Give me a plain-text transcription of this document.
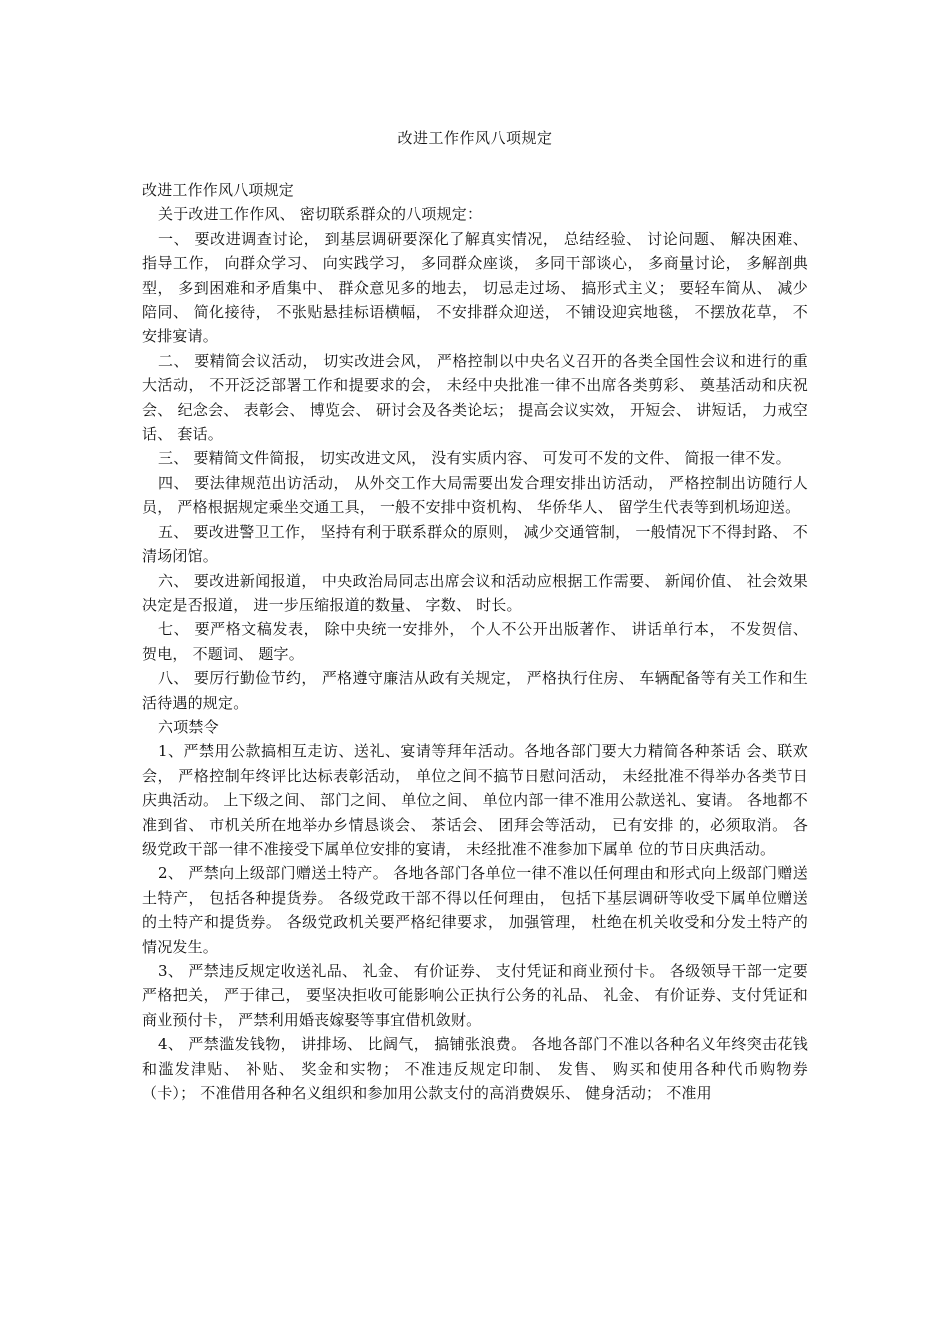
改进工作作风八项规定

改进工作作风八项规定

关于改进工作作风、 密切联系群众的八项规定：

一、 要改进调查讨论， 到基层调研要深化了解真实情况， 总结经验、 讨论问题、 解决困难、 指导工作， 向群众学习、 向实践学习， 多同群众座谈， 多同干部谈心， 多商量讨论， 多解剖典型， 多到困难和矛盾集中、 群众意见多的地去， 切忌走过场、 搞形式主义； 要轻车简从、 减少陪同、 简化接待， 不张贴悬挂标语横幅， 不安排群众迎送， 不铺设迎宾地毯， 不摆放花草， 不安排宴请。

二、 要精简会议活动， 切实改进会风， 严格控制以中央名义召开的各类全国性会议和进行的重大活动， 不开泛泛部署工作和提要求的会， 未经中央批准一律不出席各类剪彩、 奠基活动和庆祝会、 纪念会、 表彰会、 博览会、 研讨会及各类论坛； 提高会议实效， 开短会、 讲短话， 力戒空话、 套话。

三、 要精简文件简报， 切实改进文风， 没有实质内容、 可发可不发的文件、 简报一律不发。

四、 要法律规范出访活动， 从外交工作大局需要出发合理安排出访活动， 严格控制出访随行人员， 严格根据规定乘坐交通工具， 一般不安排中资机构、 华侨华人、 留学生代表等到机场迎送。

五、 要改进警卫工作， 坚持有利于联系群众的原则， 减少交通管制， 一般情况下不得封路、 不清场闭馆。

六、 要改进新闻报道， 中央政治局同志出席会议和活动应根据工作需要、 新闻价值、 社会效果决定是否报道， 进一步压缩报道的数量、 字数、 时长。

七、 要严格文稿发表， 除中央统一安排外， 个人不公开出版著作、 讲话单行本， 不发贺信、 贺电， 不题词、 题字。

八、 要厉行勤俭节约， 严格遵守廉洁从政有关规定， 严格执行住房、 车辆配备等有关工作和生活待遇的规定。

六项禁令

1、严禁用公款搞相互走访、送礼、宴请等拜年活动。各地各部门要大力精简各种茶话 会、联欢会， 严格控制年终评比达标表彰活动， 单位之间不搞节日慰问活动， 未经批准不得举办各类节日庆典活动。 上下级之间、 部门之间、 单位之间、 单位内部一律不准用公款送礼、宴请。 各地都不准到省、 市机关所在地举办乡情恳谈会、 茶话会、 团拜会等活动， 已有安排 的，必须取消。 各级党政干部一律不准接受下属单位安排的宴请， 未经批准不准参加下属单 位的节日庆典活动。

2、 严禁向上级部门赠送土特产。 各地各部门各单位一律不准以任何理由和形式向上级部门赠送土特产， 包括各种提货券。 各级党政干部不得以任何理由， 包括下基层调研等收受下属单位赠送的土特产和提货券。 各级党政机关要严格纪律要求， 加强管理， 杜绝在机关收受和分发土特产的情况发生。

3、 严禁违反规定收送礼品、 礼金、 有价证券、 支付凭证和商业预付卡。 各级领导干部一定要严格把关， 严于律己， 要坚决拒收可能影响公正执行公务的礼品、 礼金、 有价证券、支付凭证和商业预付卡， 严禁利用婚丧嫁娶等事宜借机敛财。

4、 严禁滥发钱物， 讲排场、 比阔气， 搞铺张浪费。 各地各部门不准以各种名义年终突击花钱和滥发津贴、 补贴、 奖金和实物； 不准违反规定印制、 发售、 购买和使用各种代币购物券（卡）； 不准借用各种名义组织和参加用公款支付的高消费娱乐、 健身活动； 不准用
